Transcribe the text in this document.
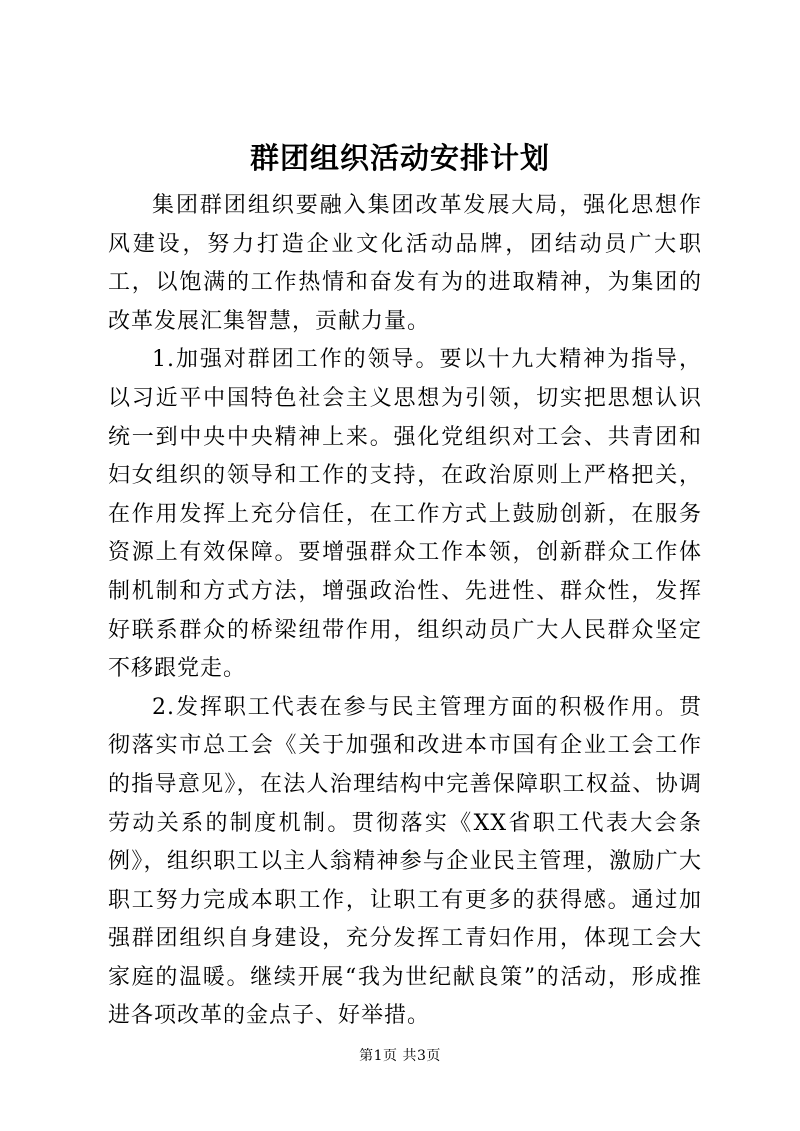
群团组织活动安排计划

集团群团组织要融入集团改革发展大局，强化思想作风建设，努力打造企业文化活动品牌，团结动员广大职工，以饱满的工作热情和奋发有为的进取精神，为集团的改革发展汇集智慧，贡献力量。

1.加强对群团工作的领导。要以十九大精神为指导，以习近平中国特色社会主义思想为引领，切实把思想认识统一到中央中央精神上来。强化党组织对工会、共青团和妇女组织的领导和工作的支持，在政治原则上严格把关，在作用发挥上充分信任，在工作方式上鼓励创新，在服务资源上有效保障。要增强群众工作本领，创新群众工作体制机制和方式方法，增强政治性、先进性、群众性，发挥好联系群众的桥梁纽带作用，组织动员广大人民群众坚定不移跟党走。

2.发挥职工代表在参与民主管理方面的积极作用。贯彻落实市总工会《关于加强和改进本市国有企业工会工作的指导意见》，在法人治理结构中完善保障职工权益、协调劳动关系的制度机制。贯彻落实《XX省职工代表大会条例》，组织职工以主人翁精神参与企业民主管理，激励广大职工努力完成本职工作，让职工有更多的获得感。通过加强群团组织自身建设，充分发挥工青妇作用，体现工会大家庭的温暖。继续开展“我为世纪献良策”的活动，形成推进各项改革的金点子、好举措。

第1页 共3页
